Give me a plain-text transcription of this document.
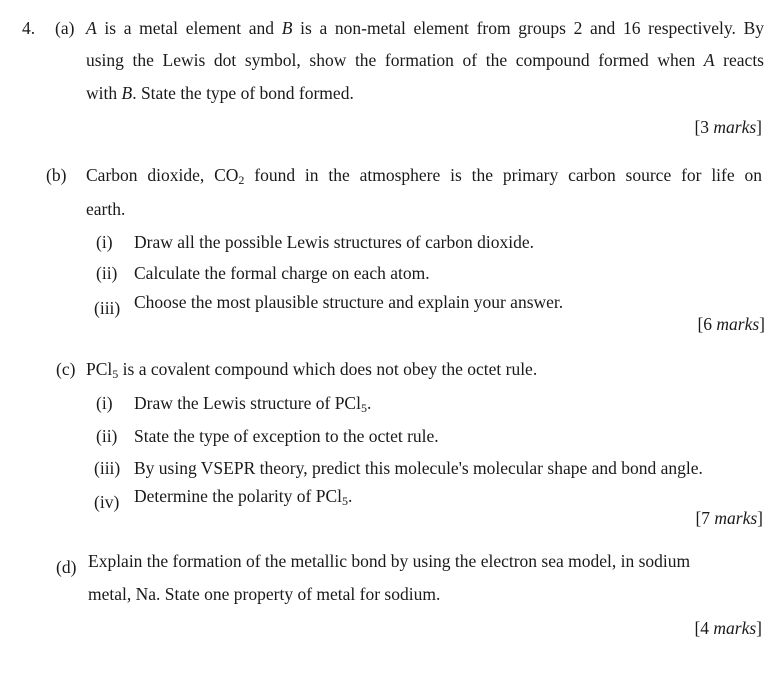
4. (a) A is a metal element and B is a non-metal element from groups 2 and 16 respectively. By
using the Lewis dot symbol, show the formation of the compound formed when A reacts
with B. State the type of bond formed.
[3 marks]
(b) Carbon dioxide, $CO_2$ found in the atmosphere is the primary carbon source for life on
earth.
(i) Draw all the possible Lewis structures of carbon dioxide.
(ii) Calculate the formal charge on each atom.
(iii) Choose the most plausible structure and explain your answer.
[6 marks]
(c) PCl$_5$ is a covalent compound which does not obey the octet rule.
(i) Draw the Lewis structure of PCl$_5$.
(ii) State the type of exception to the octet rule.
(iii) By using VSEPR theory, predict this molecule's molecular shape and bond angle.
(iv) Determine the polarity of PCl$_5$.
[7 marks]
(d) Explain the formation of the metallic bond by using the electron sea model, in sodium
metal, Na. State one property of metal for sodium.
[4 marks]
